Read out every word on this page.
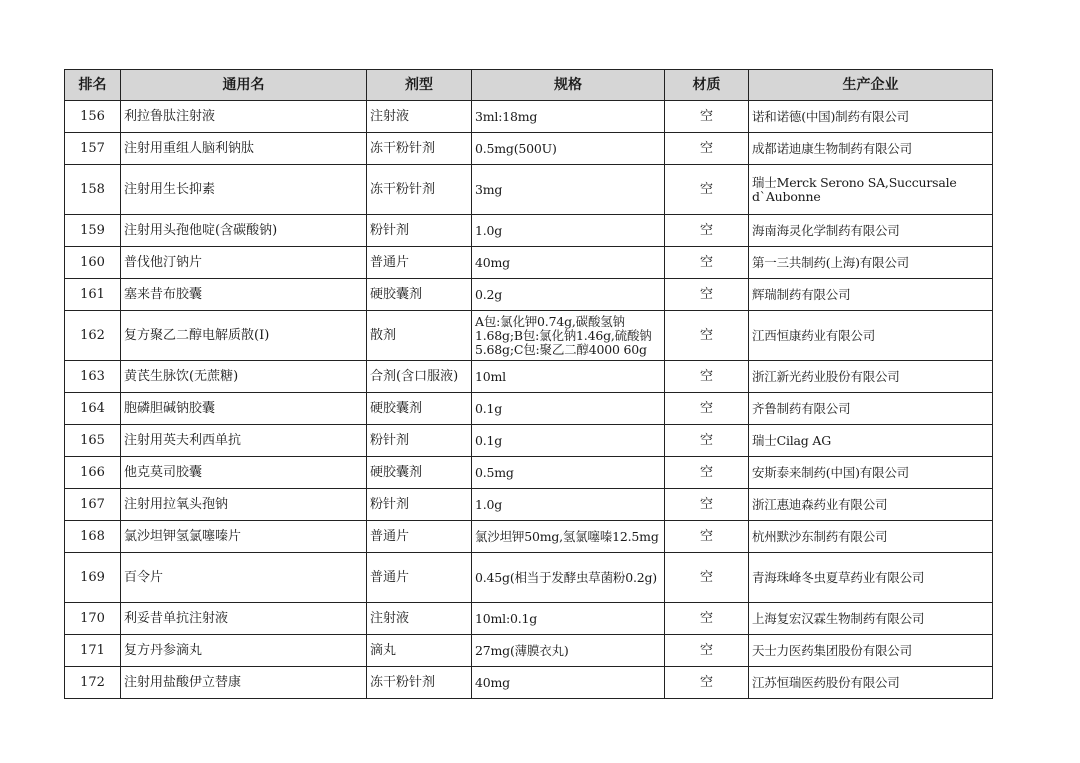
排名	通用名	剂型	规格	材质	生产企业
156	利拉鲁肽注射液	注射液	3ml:18mg	空	诺和诺德(中国)制药有限公司
157	注射用重组人脑利钠肽	冻干粉针剂	0.5mg(500U)	空	成都诺迪康生物制药有限公司
158	注射用生长抑素	冻干粉针剂	3mg	空	瑞士Merck Serono SA,Succursale d`Aubonne
159	注射用头孢他啶(含碳酸钠)	粉针剂	1.0g	空	海南海灵化学制药有限公司
160	普伐他汀钠片	普通片	40mg	空	第一三共制药(上海)有限公司
161	塞来昔布胶囊	硬胶囊剂	0.2g	空	辉瑞制药有限公司
162	复方聚乙二醇电解质散(Ⅰ)	散剂	A包:氯化钾0.74g,碳酸氢钠1.68g;B包:氯化钠1.46g,硫酸钠5.68g;C包:聚乙二醇4000 60g	空	江西恒康药业有限公司
163	黄芪生脉饮(无蔗糖)	合剂(含口服液)	10ml	空	浙江新光药业股份有限公司
164	胞磷胆碱钠胶囊	硬胶囊剂	0.1g	空	齐鲁制药有限公司
165	注射用英夫利西单抗	粉针剂	0.1g	空	瑞士Cilag AG
166	他克莫司胶囊	硬胶囊剂	0.5mg	空	安斯泰来制药(中国)有限公司
167	注射用拉氧头孢钠	粉针剂	1.0g	空	浙江惠迪森药业有限公司
168	氯沙坦钾氢氯噻嗪片	普通片	氯沙坦钾50mg,氢氯噻嗪12.5mg	空	杭州默沙东制药有限公司
169	百令片	普通片	0.45g(相当于发酵虫草菌粉0.2g)	空	青海珠峰冬虫夏草药业有限公司
170	利妥昔单抗注射液	注射液	10ml:0.1g	空	上海复宏汉霖生物制药有限公司
171	复方丹参滴丸	滴丸	27mg(薄膜衣丸)	空	天士力医药集团股份有限公司
172	注射用盐酸伊立替康	冻干粉针剂	40mg	空	江苏恒瑞医药股份有限公司
